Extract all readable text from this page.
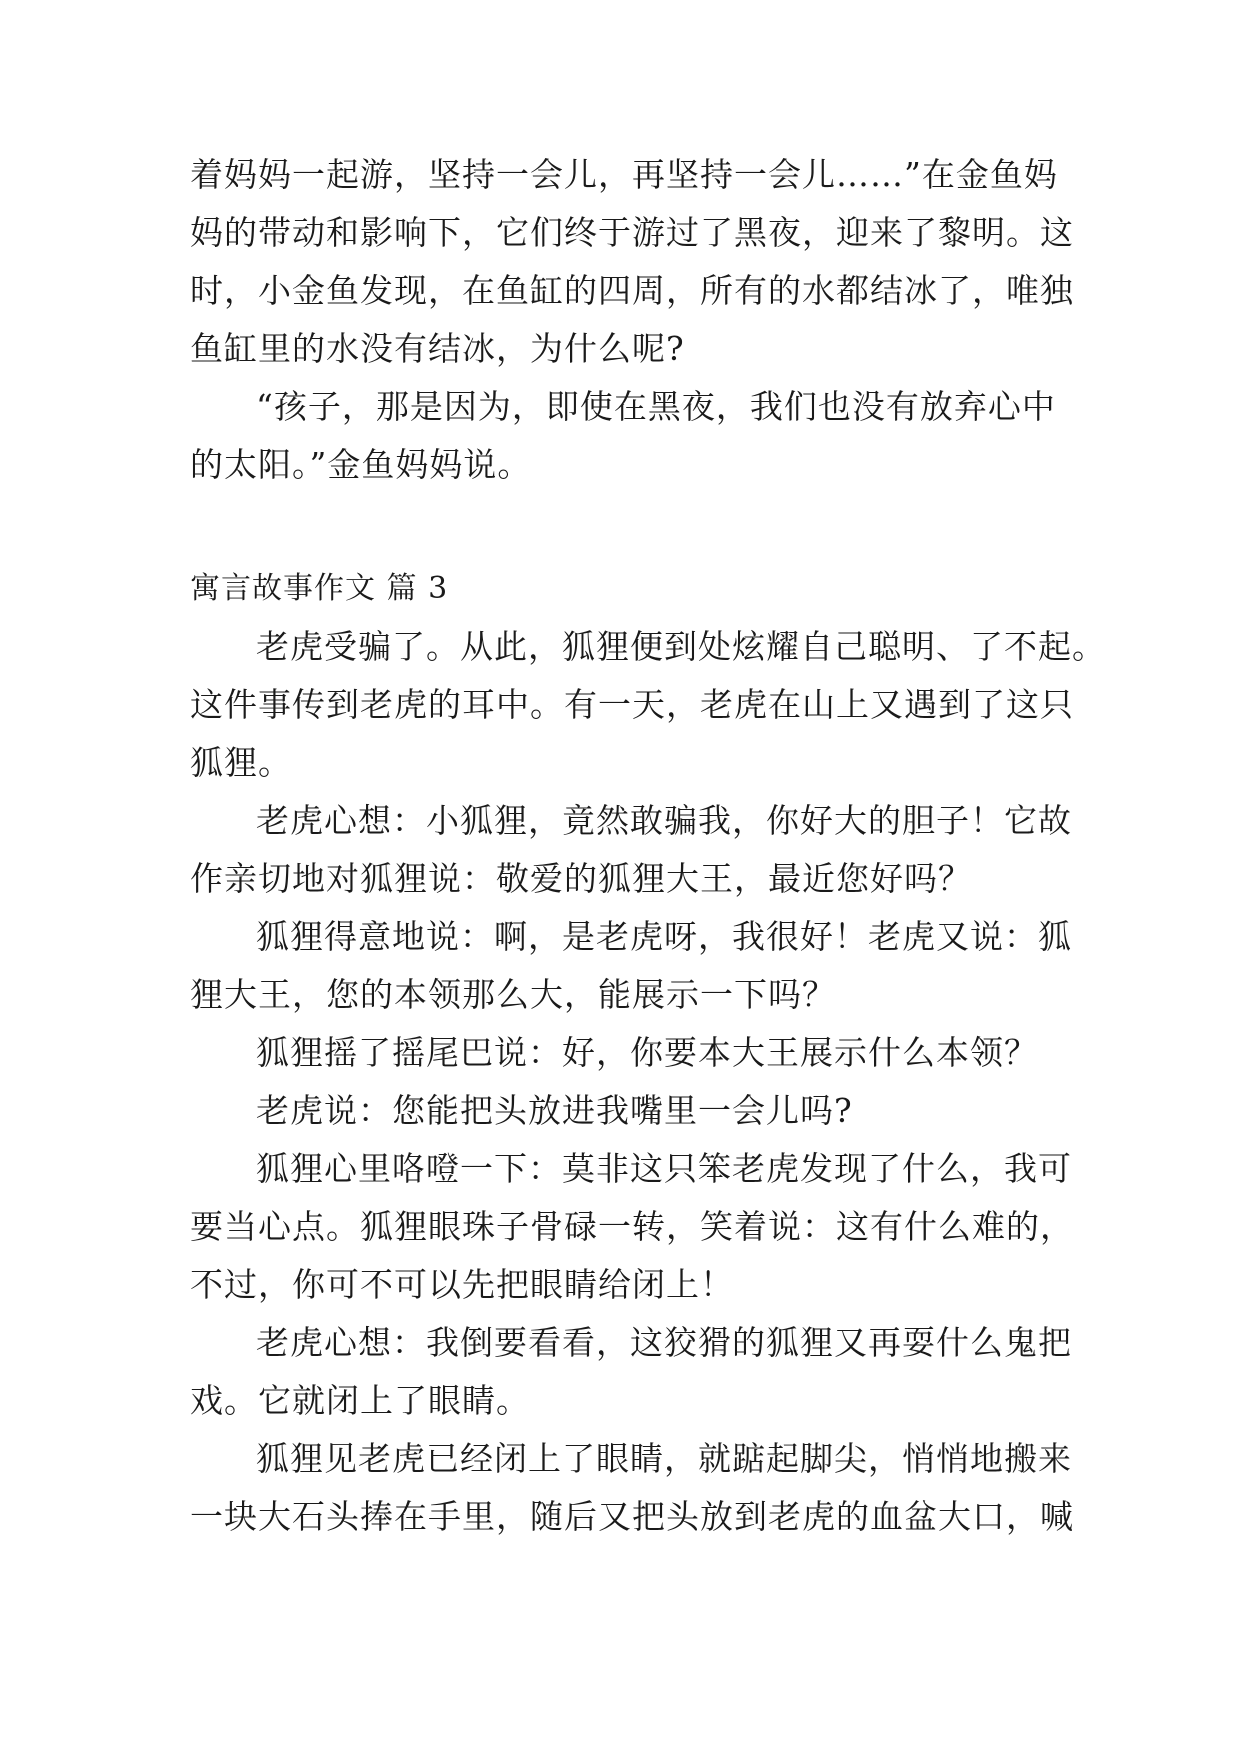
着妈妈一起游，坚持一会儿，再坚持一会儿……”在金鱼妈
妈的带动和影响下，它们终于游过了黑夜，迎来了黎明。这
时，小金鱼发现，在鱼缸的四周，所有的水都结冰了，唯独
鱼缸里的水没有结冰，为什么呢?
“孩子，那是因为，即使在黑夜，我们也没有放弃心中
的太阳。”金鱼妈妈说。
寓言故事作文 篇 3
老虎受骗了。从此，狐狸便到处炫耀自己聪明、了不起。
这件事传到老虎的耳中。有一天，老虎在山上又遇到了这只
狐狸。
老虎心想：小狐狸，竟然敢骗我，你好大的胆子！它故
作亲切地对狐狸说：敬爱的狐狸大王，最近您好吗？
狐狸得意地说：啊，是老虎呀，我很好！老虎又说：狐
狸大王，您的本领那么大，能展示一下吗？
狐狸摇了摇尾巴说：好，你要本大王展示什么本领？
老虎说：您能把头放进我嘴里一会儿吗?
狐狸心里咯噔一下：莫非这只笨老虎发现了什么，我可
要当心点。狐狸眼珠子骨碌一转，笑着说：这有什么难的，
不过，你可不可以先把眼睛给闭上！
老虎心想：我倒要看看，这狡猾的狐狸又再耍什么鬼把
戏。它就闭上了眼睛。
狐狸见老虎已经闭上了眼睛，就踮起脚尖，悄悄地搬来
一块大石头捧在手里，随后又把头放到老虎的血盆大口，喊
